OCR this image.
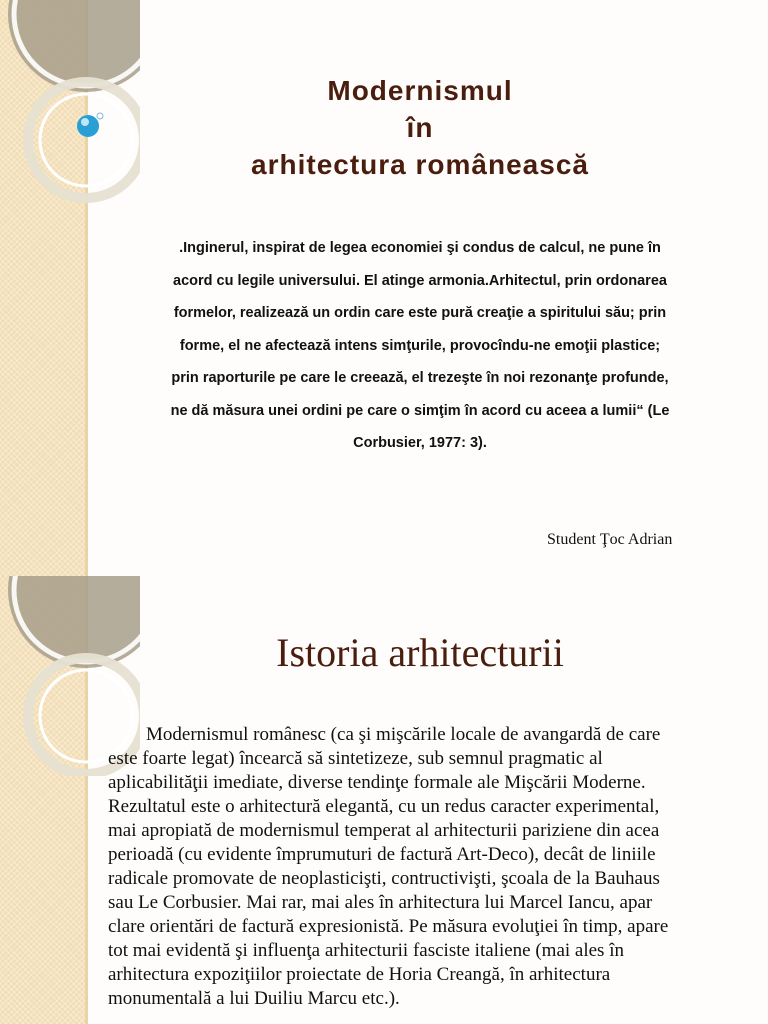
Modernismul
în
arhitectura românească
.Inginerul, inspirat de legea economiei şi condus de calcul, ne pune în
acord cu legile universului. El atinge armonia.Arhitectul, prin ordonarea
formelor, realizează un ordin care este pură creaţie a spiritului său; prin
forme, el ne afectează intens simţurile, provocîndu-ne emoţii plastice;
prin raporturile pe care le creează, el trezeşte în noi rezonanţe profunde,
ne dă măsura unei ordini pe care o simţim în acord cu aceea a lumii“ (Le
Corbusier, 1977: 3).
Student Ţoc Adrian
Istoria arhitecturii
Modernismul românesc (ca şi mişcările locale de avangardă de care
este foarte legat) încearcă să sintetizeze, sub semnul pragmatic al
aplicabilităţii imediate, diverse tendinţe formale ale Mişcării Moderne.
Rezultatul este o arhitectură elegantă, cu un redus caracter experimental,
mai apropiată de modernismul temperat al arhitecturii pariziene din acea
perioadă (cu evidente împrumuturi de factură Art-Deco), decât de liniile
radicale promovate de neoplasticişti, contructivişti, şcoala de la Bauhaus
sau Le Corbusier. Mai rar, mai ales în arhitectura lui Marcel Iancu, apar
clare orientări de factură expresionistă. Pe măsura evoluţiei în timp, apare
tot mai evidentă şi influenţa arhitecturii fasciste italiene (mai ales în
arhitectura expoziţiilor proiectate de Horia Creangă, în arhitectura
monumentală a lui Duiliu Marcu etc.).
